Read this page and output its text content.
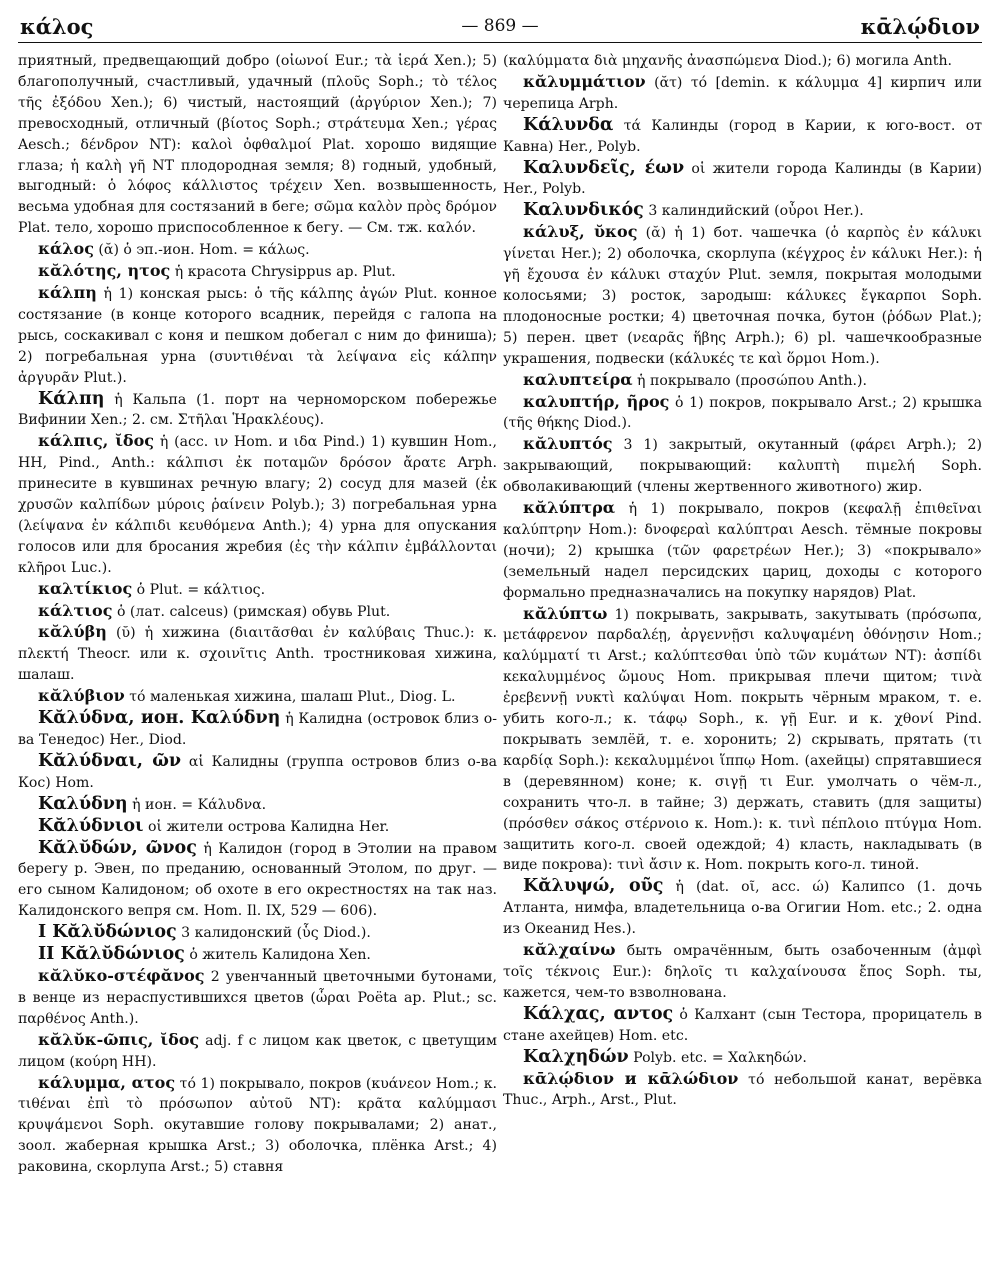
κάλος	— 869 —	κᾱλῴδιον

приятный, предвещающий добро (οἰωνοί Eur.; τὰ ἱερά Xen.); 5) благополучный, счастливый, удачный (πλοῦς Soph.; τὸ τέλος τῆς ἐξόδου Xen.); 6) чистый, настоящий (ἀργύριον Xen.); 7) превосходный, отличный (βίοτος Soph.; στράτευμα Xen.; γέρας Aesch.; δένδρον NT): καλοὶ ὀφθαλμοί Plat. хорошо видящие глаза; ἡ καλὴ γῆ NT плодородная земля; 8) годный, удобный, выгодный: ὁ λόφος κάλλιστος τρέχειν Xen. возвышенность, весьма удобная для состязаний в беге; σῶμα καλὸν πρὸς δρόμον Plat. тело, хорошо приспособленное к бегу. — См. тж. καλόν.

κάλος (ᾰ) ὁ эп.-ион. Hom. = κάλως.

κᾰλότης, ητος ἡ красота Chrysippus ap. Plut.

κάλπη ἡ 1) конская рысь: ὁ τῆς κάλπης ἀγών Plut. конное состязание (в конце которого всадник, перейдя с галопа на рысь, соскакивал с коня и пешком добегал с ним до финиша); 2) погребальная урна (συντιθέναι τὰ λείψανα εἰς κάλπην ἀργυρᾶν Plut.).

Κάλπη ἡ Кальпа (1. порт на черноморском побережье Вифинии Xen.; 2. см. Στῆλαι Ἡρακλέους).

κάλπις, ῐδος ἡ (acc. ιν Hom. и ιδα Pind.) 1) кувшин Hom., HH, Pind., Anth.: κάλπισι ἐκ ποταμῶν δρόσον ἄρατε Arph. принесите в кувшинах речную влагу; 2) сосуд для мазей (ἐκ χρυσῶν καλπίδων μύροις ῥαίνειν Polyb.); 3) погребальная урна (λείψανα ἐν κάλπιδι κευθόμενα Anth.); 4) урна для опускания голосов или для бросания жребия (ἐς τὴν κάλπιν ἐμβάλλονται κλῆροι Luc.).

καλτίκιος ὁ Plut. = κάλτιος.

κάλτιος ὁ (лат. calceus) (римская) обувь Plut.

κᾰλύβη (ῠ) ἡ хижина (διαιτᾶσθαι ἐν καλύβαις Thuc.): κ. πλεκτή Theocr. или κ. σχοινῖτις Anth. тростниковая хижина, шалаш.

κᾰλύβιον τό маленькая хижина, шалаш Plut., Diog. L.

Κᾰλύδνα, ион. Καλύδνη ἡ Калидна (островок близ о-ва Тенедос) Her., Diod.

Κᾰλύδναι, ῶν αἱ Калидны (группа островов близ о-ва Кос) Hom.

Καλύδνη ἡ ион. = Κάλυδνα.

Κᾰλύδνιοι οἱ жители острова Калидна Her.

Κᾰλῠδών, ῶνος ἡ Калидон (город в Этолии на правом берегу р. Эвен, по преданию, основанный Этолом, по друг. — его сыном Калидоном; об охоте в его окрестностях на так наз. Калидонского вепря см. Hom. Il. IX, 529 — 606).

I Κᾰλῠδώνιος 3 калидонский (ὗς Diod.).

II Κᾰλῠδώνιος ὁ житель Калидона Xen.

κᾰλῠκο-στέφᾰνος 2 увенчанный цветочными бутонами, в венце из нераспустившихся цветов (ὧραι Poëta ap. Plut.; sc. παρθένος Anth.).

κᾰλῠκ-ῶπις, ῐδος adj. f с лицом как цветок, с цветущим лицом (κούρη HH).

κάλυμμα, ατος τό 1) покрывало, покров (κυάνεον Hom.; κ. τιθέναι ἐπὶ τὸ πρόσωπον αὐτοῦ NT): κρᾶτα καλύμμασι κρυψάμενοι Soph. окутавшие голову покрывалами; 2) анат., зоол. жаберная крышка Arst.; 3) оболочка, плёнка Arst.; 4) раковина, скорлупа Arst.; 5) ставня

(καλύμματα διὰ μηχανῆς ἀνασπώμενα Diod.); 6) могила Anth.

κᾰλυμμάτιον (ᾰτ) τό [demin. к κάλυμμα 4] кирпич или черепица Arph.

Κάλυνδα τά Калинды (город в Карии, к юго-вост. от Кавна) Her., Polyb.

Καλυνδεῖς, έων οἱ жители города Калинды (в Карии) Her., Polyb.

Καλυνδικός 3 калиндийский (οὖροι Her.).

κάλυξ, ῠκος (ᾰ) ἡ 1) бот. чашечка (ὁ καρπὸς ἐν κάλυκι γίνεται Her.); 2) оболочка, скорлупа (κέγχρος ἐν κάλυκι Her.): ἡ γῆ ἔχουσα ἐν κάλυκι σταχύν Plut. земля, покрытая молодыми колосьями; 3) росток, зародыш: κάλυκες ἔγκαρποι Soph. плодоносные ростки; 4) цветочная почка, бутон (ῥόδων Plat.); 5) перен. цвет (νεαρᾶς ἥβης Arph.); 6) pl. чашечкообразные украшения, подвески (κάλυκές τε καὶ ὅρμοι Hom.).

καλυπτείρα ἡ покрывало (προσώπου Anth.).

καλυπτήρ, ῆρος ὁ 1) покров, покрывало Arst.; 2) крышка (τῆς θήκης Diod.).

κᾰλυπτός 3 1) закрытый, окутанный (φάρει Arph.); 2) закрывающий, покрывающий: καλυπτὴ πιμελή Soph. обволакивающий (члены жертвенного животного) жир.

κᾰλύπτρα ἡ 1) покрывало, покров (κεφαλῇ ἐπιθεῖναι καλύπτρην Hom.): δνοφεραὶ καλύπτραι Aesch. тёмные покровы (ночи); 2) крышка (τῶν φαρετρέων Her.); 3) «покрывало» (земельный надел персидских цариц, доходы с которого формально предназначались на покупку нарядов) Plat.

κᾰλύπτω 1) покрывать, закрывать, закутывать (πρόσωπα, μετάφρενον παρδαλέῃ, ἀργεννῇσι καλυψαμένη ὀθόνῃσιν Hom.; καλύμματί τι Arst.; καλύπτεσθαι ὑπὸ τῶν κυμάτων NT): ἀσπίδι κεκαλυμμένος ὤμους Hom. прикрывая плечи щитом; τινὰ ἐρεβεννῇ νυκτὶ καλύψαι Hom. покрыть чёрным мраком, т. е. убить кого-л.; κ. τάφῳ Soph., κ. γῇ Eur. и κ. χθονί Pind. покрывать землёй, т. е. хоронить; 2) скрывать, прятать (τι καρδίᾳ Soph.): κεκαλυμμένοι ἵππῳ Hom. (ахейцы) спрятавшиеся в (деревянном) коне; κ. σιγῇ τι Eur. умолчать о чём-л., сохранить что-л. в тайне; 3) держать, ставить (для защиты) (πρόσθεν σάκος στέρνοιο κ. Hom.): κ. τινὶ πέπλοιο πτύγμα Hom. защитить кого-л. своей одеждой; 4) класть, накладывать (в виде покрова): τινὶ ἄσιν κ. Hom. покрыть кого-л. тиной.

Κᾰλυψώ, οῦς ἡ (dat. οῖ, acc. ώ) Калипсо (1. дочь Атланта, нимфа, владетельница о-ва Огигии Hom. etc.; 2. одна из Океанид Hes.).

κᾰλχαίνω быть омрачённым, быть озабоченным (ἀμφὶ τοῖς τέκνοις Eur.): δηλοῖς τι καλχαίνουσα ἔπος Soph. ты, кажется, чем-то взволнована.

Κάλχας, αντος ὁ Калхант (сын Тестора, прорицатель в стане ахейцев) Hom. etc.

Καλχηδών Polyb. etc. = Χαλκηδών.

κᾱλῴδιον и κᾱλώδιον τό небольшой канат, верёвка Thuc., Arph., Arst., Plut.
